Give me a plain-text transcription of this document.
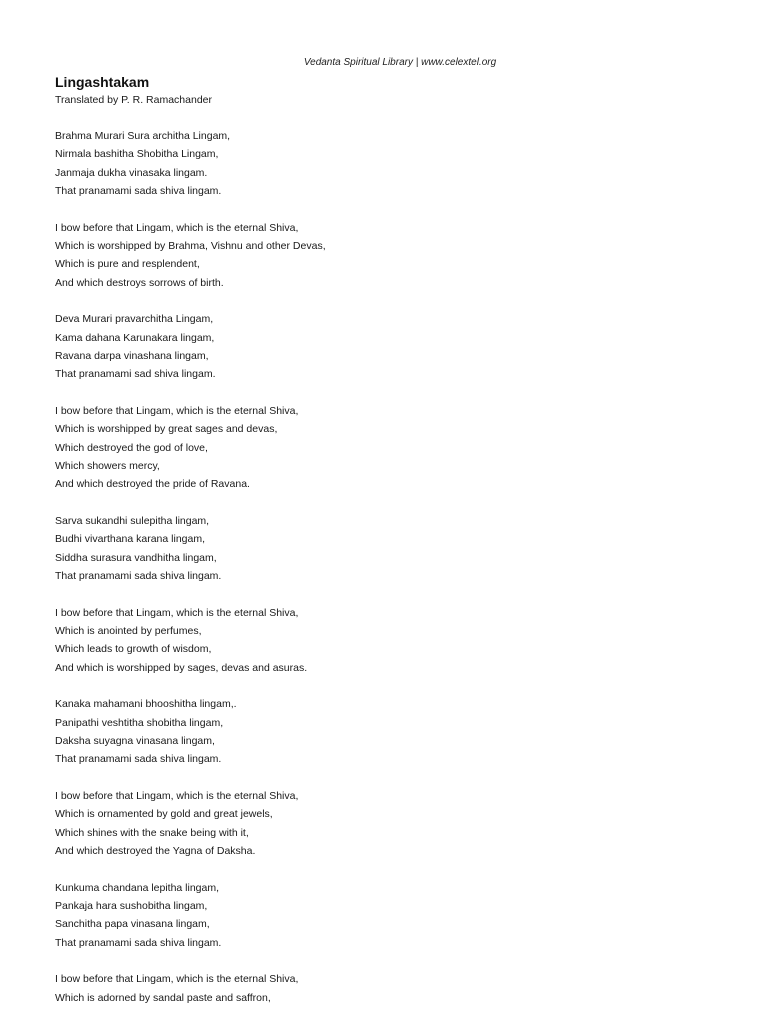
Vedanta Spiritual Library | www.celextel.org
Lingashtakam
Translated by P. R. Ramachander
Brahma Murari Sura architha Lingam,
Nirmala bashitha Shobitha Lingam,
Janmaja dukha vinasaka lingam.
That pranamami sada shiva lingam.
I bow before that Lingam, which is the eternal Shiva,
Which is worshipped by Brahma, Vishnu and other Devas,
Which is pure and resplendent,
And which destroys sorrows of birth.
Deva Murari pravarchitha Lingam,
Kama dahana Karunakara lingam,
Ravana darpa vinashana lingam,
That pranamami sad shiva lingam.
I bow before that Lingam, which is the eternal Shiva,
Which is worshipped by great sages and devas,
Which destroyed the god of love,
Which showers mercy,
And which destroyed the pride of Ravana.
Sarva sukandhi sulepitha lingam,
Budhi vivarthana karana lingam,
Siddha surasura vandhitha lingam,
That pranamami sada shiva lingam.
I bow before that Lingam, which is the eternal Shiva,
Which is anointed by perfumes,
Which leads to growth of wisdom,
And which is worshipped by sages, devas and asuras.
Kanaka mahamani bhooshitha lingam,.
Panipathi veshtitha shobitha lingam,
Daksha suyagna vinasana lingam,
That pranamami sada shiva lingam.
I bow before that Lingam, which is the eternal Shiva,
Which is ornamented by gold and great jewels,
Which shines with the snake being with it,
And which destroyed the Yagna of Daksha.
Kunkuma chandana lepitha lingam,
Pankaja hara sushobitha lingam,
Sanchitha papa vinasana lingam,
That pranamami sada shiva lingam.
I bow before that Lingam, which is the eternal Shiva,
Which is adorned by sandal paste and saffron,
